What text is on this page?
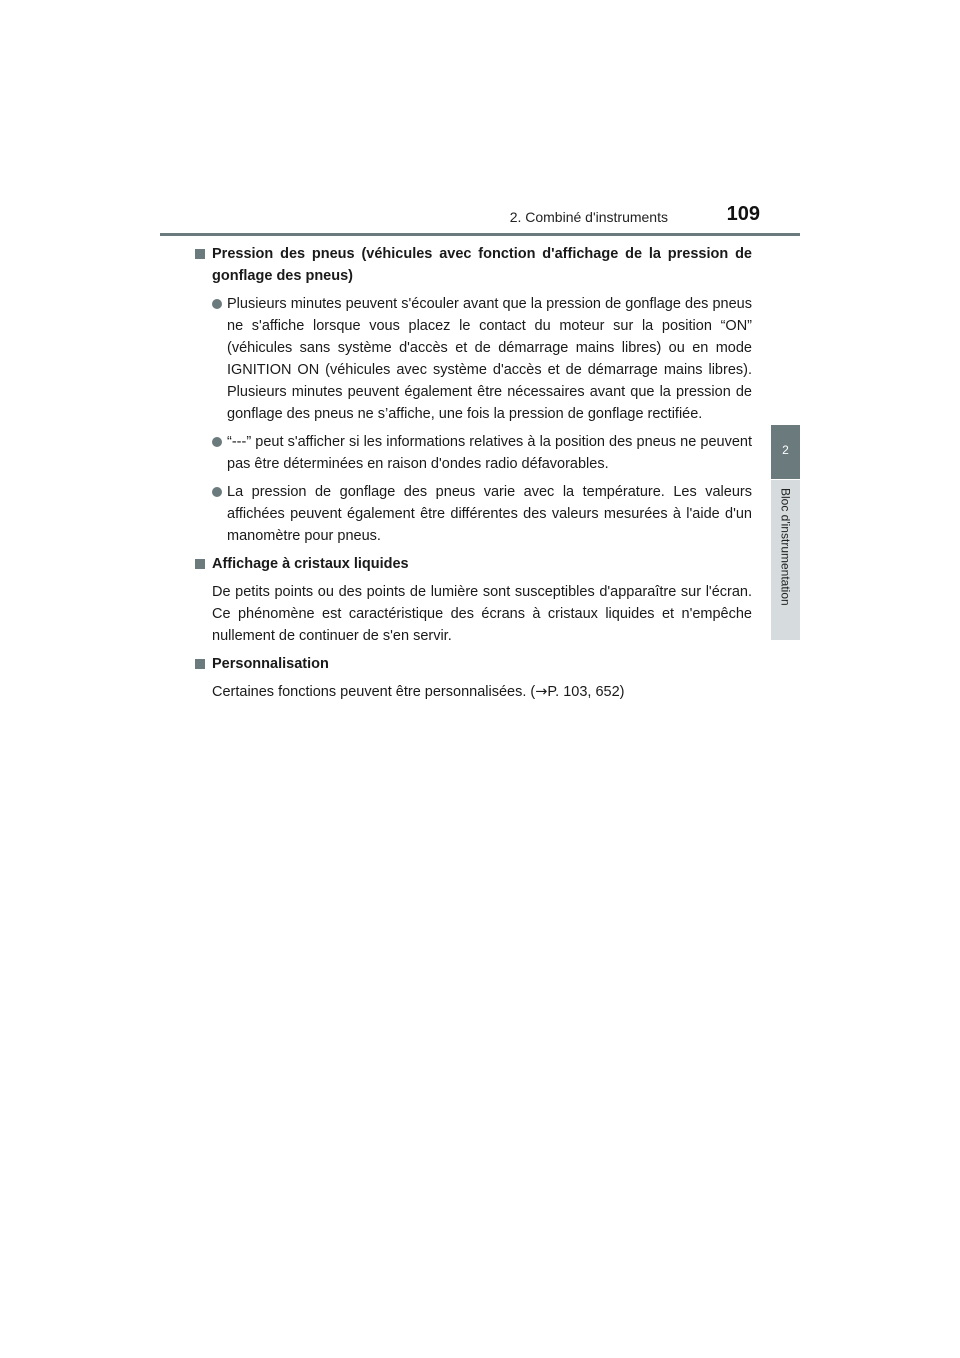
2. Combiné d'instruments	109
2
Bloc d'instrumentation
Pression des pneus (véhicules avec fonction d'affichage de la pression de gonflage des pneus)
Plusieurs minutes peuvent s'écouler avant que la pression de gonflage des pneus ne s'affiche lorsque vous placez le contact du moteur sur la position “ON” (véhicules sans système d'accès et de démarrage mains libres) ou en mode IGNITION ON (véhicules avec système d'accès et de démarrage mains libres). Plusieurs minutes peuvent également être nécessaires avant que la pression de gonflage des pneus ne s’affiche, une fois la pression de gonflage rectifiée.
“---” peut s'afficher si les informations relatives à la position des pneus ne peuvent pas être déterminées en raison d'ondes radio défavorables.
La pression de gonflage des pneus varie avec la température. Les valeurs affichées peuvent également être différentes des valeurs mesurées à l'aide d'un manomètre pour pneus.
Affichage à cristaux liquides
De petits points ou des points de lumière sont susceptibles d'apparaître sur l'écran. Ce phénomène est caractéristique des écrans à cristaux liquides et n'empêche nullement de continuer de s'en servir.
Personnalisation
Certaines fonctions peuvent être personnalisées. (→P. 103, 652)
